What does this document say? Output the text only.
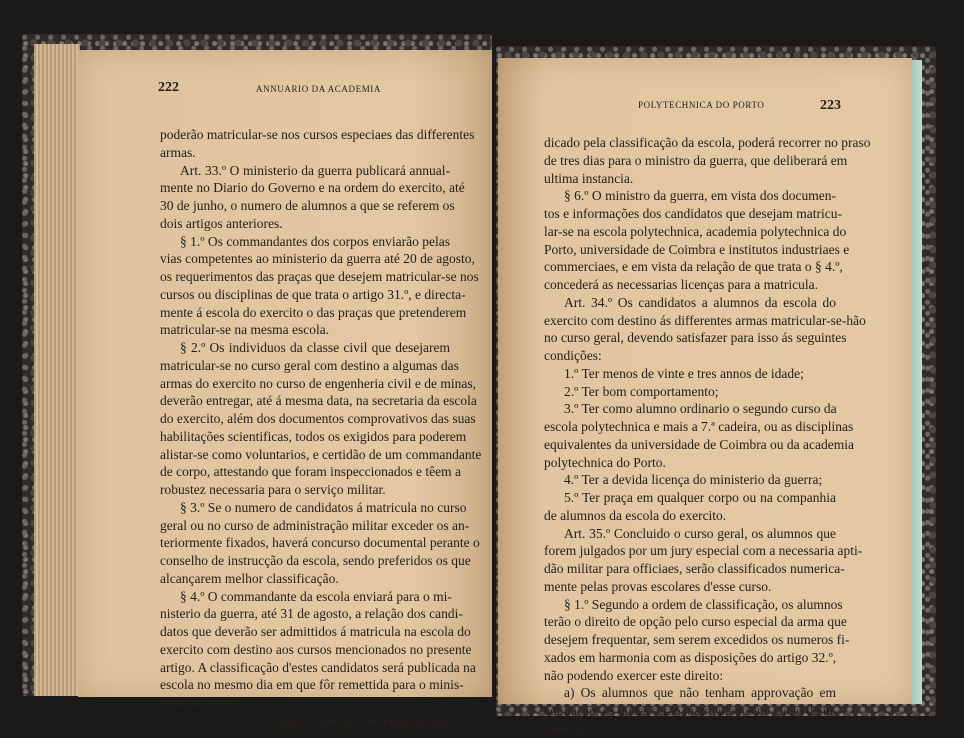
222	ANNUARIO DA ACADEMIA
poderão matricular-se nos cursos especiaes das differentes
armas.
Art. 33.º O ministerio da guerra publicará annual-
mente no Diario do Governo e na ordem do exercito, até
30 de junho, o numero de alumnos a que se referem os
dois artigos anteriores.
§ 1.º Os commandantes dos corpos enviarão pelas
vias competentes ao ministerio da guerra até 20 de agosto,
os requerimentos das praças que desejem matricular-se nos
cursos ou disciplinas de que trata o artigo 31.º, e directa-
mente á escola do exercito o das praças que pretenderem
matricular-se na mesma escola.
§ 2.º Os individuos da classe civil que desejarem
matricular-se no curso geral com destino a algumas das
armas do exercito no curso de engenheria civil e de minas,
deverão entregar, até á mesma data, na secretaria da escola
do exercito, além dos documentos comprovativos das suas
habilitações scientificas, todos os exigidos para poderem
alistar-se como voluntarios, e certidão de um commandante
de corpo, attestando que foram inspeccionados e têem a
robustez necessaria para o serviço militar.
§ 3.º Se o numero de candidatos á matricula no curso
geral ou no curso de administração militar exceder os an-
teriormente fixados, haverá concurso documental perante o
conselho de instrucção da escola, sendo preferidos os que
alcançarem melhor classificação.
§ 4.º O commandante da escola enviará para o mi-
nisterio da guerra, até 31 de agosto, a relação dos candi-
datos que deverão ser admittidos á matricula na escola do
exercito com destino aos cursos mencionados no presente
artigo. A classificação d'estes candidatos será publicada na
escola no mesmo dia em que fôr remettida para o minis-
terio da guerra.
§ 5.º No caso de algum candidato se julgar preju-
POLYTECHNICA DO PORTO	223
dicado pela classificação da escola, poderá recorrer no praso
de tres dias para o ministro da guerra, que deliberará em
ultima instancia.
§ 6.º O ministro da guerra, em vista dos documen-
tos e informações dos candidatos que desejam matricu-
lar-se na escola polytechnica, academia polytechnica do
Porto, universidade de Coimbra e institutos industriaes e
commerciaes, e em vista da relação de que trata o § 4.º,
concederá as necessarias licenças para a matricula.
Art. 34.º Os candidatos a alumnos da escola do
exercito com destino ás differentes armas matricular-se-hão
no curso geral, devendo satisfazer para isso ás seguintes
condições:
1.º Ter menos de vinte e tres annos de idade;
2.º Ter bom comportamento;
3.º Ter como alumno ordinario o segundo curso da
escola polytechnica e mais a 7.ª cadeira, ou as disciplinas
equivalentes da universidade de Coimbra ou da academia
polytechnica do Porto.
4.º Ter a devida licença do ministerio da guerra;
5.º Ter praça em qualquer corpo ou na companhia
de alumnos da escola do exercito.
Art. 35.º Concluido o curso geral, os alumnos que
forem julgados por um jury especial com a necessaria apti-
dão militar para officiaes, serão classificados numerica-
mente pelas provas escolares d'esse curso.
§ 1.º Segundo a ordem de classificação, os alumnos
terão o direito de opção pelo curso especial da arma que
desejem frequentar, sem serem excedidos os numeros fi-
xados em harmonia com as disposições do artigo 32.º,
não podendo exercer este direito:
a) Os alumnos que não tenham approvação em
equitação, os quaes serão matriculados no curso de in-
fanteria;
